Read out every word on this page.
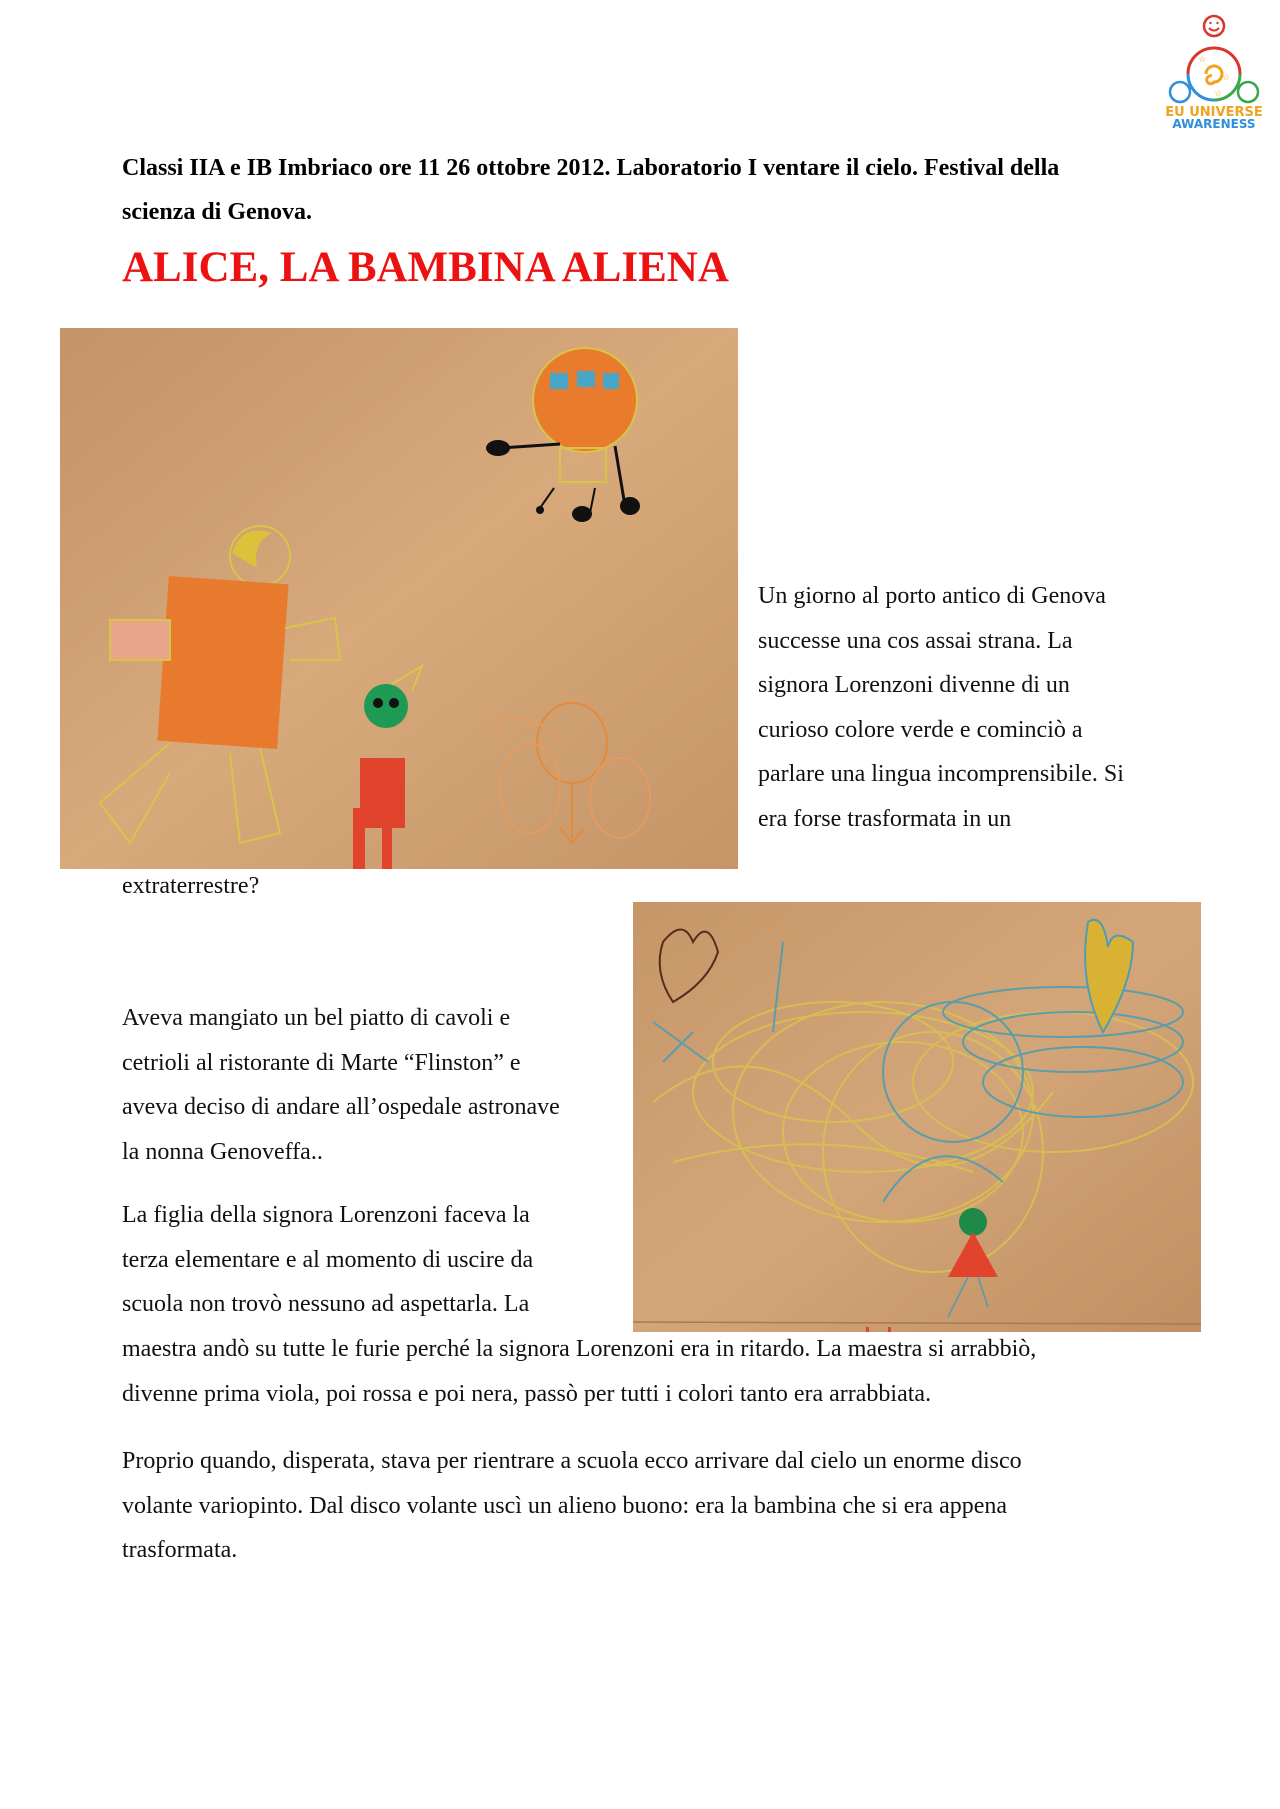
☆
☆
☆
EU UNIVERSE
AWARENESS
Classi IIA e IB Imbriaco ore 11 26 ottobre 2012. Laboratorio I ventare il cielo. Festival della
scienza di Genova.
ALICE, LA BAMBINA ALIENA
Un giorno al porto antico di Genova
successe una cos assai strana. La
signora Lorenzoni divenne di un
curioso colore verde e cominciò a
parlare una lingua incomprensibile. Si
era forse trasformata in un
extraterrestre?
Aveva mangiato un bel piatto di cavoli e
cetrioli al ristorante di Marte “Flinston” e
aveva deciso di andare all’ospedale astronave
la nonna Genoveffa..
La figlia della signora Lorenzoni faceva la
terza elementare e al momento di uscire da
scuola non trovò nessuno ad aspettarla. La
maestra andò su tutte le furie perché la signora Lorenzoni era in ritardo. La maestra si arrabbiò,
divenne prima viola, poi rossa e poi nera, passò per tutti i colori tanto era arrabbiata.
Proprio quando, disperata, stava per rientrare a scuola ecco arrivare dal cielo un enorme disco
volante variopinto. Dal disco volante uscì un alieno buono: era la bambina che si era appena
trasformata.
